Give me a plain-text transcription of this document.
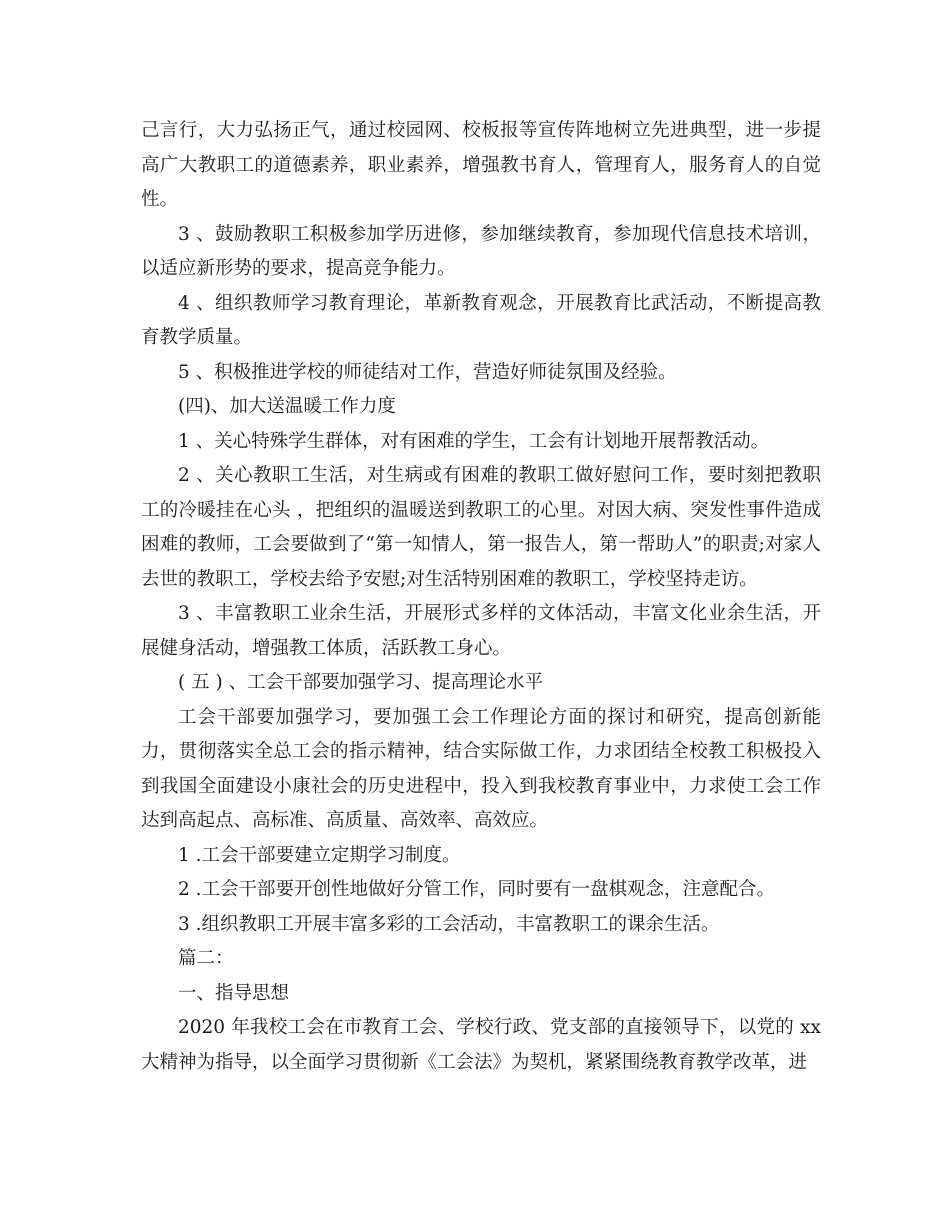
己言行，大力弘扬正气，通过校园网、校板报等宣传阵地树立先进典型，进一步提高广大教职工的道德素养，职业素养，增强教书育人，管理育人，服务育人的自觉性。

3 、鼓励教职工积极参加学历进修，参加继续教育，参加现代信息技术培训，以适应新形势的要求，提高竞争能力。

4 、组织教师学习教育理论，革新教育观念，开展教育比武活动，不断提高教育教学质量。

5 、积极推进学校的师徒结对工作，营造好师徒氛围及经验。

(四)、加大送温暖工作力度

1 、关心特殊学生群体，对有困难的学生，工会有计划地开展帮教活动。

2 、关心教职工生活，对生病或有困难的教职工做好慰问工作，要时刻把教职工的冷暖挂在心头 ，把组织的温暖送到教职工的心里。对因大病、突发性事件造成困难的教师，工会要做到了“第一知情人，第一报告人，第一帮助人”的职责;对家人去世的教职工，学校去给予安慰;对生活特别困难的教职工，学校坚持走访。

3 、丰富教职工业余生活，开展形式多样的文体活动，丰富文化业余生活，开展健身活动，增强教工体质，活跃教工身心。

( 五 ) 、工会干部要加强学习、提高理论水平

工会干部要加强学习，要加强工会工作理论方面的探讨和研究，提高创新能力，贯彻落实全总工会的指示精神，结合实际做工作，力求团结全校教工积极投入到我国全面建设小康社会的历史进程中，投入到我校教育事业中，力求使工会工作达到高起点、高标准、高质量、高效率、高效应。

1 .工会干部要建立定期学习制度。

2 .工会干部要开创性地做好分管工作，同时要有一盘棋观念，注意配合。

3 .组织教职工开展丰富多彩的工会活动，丰富教职工的课余生活。

篇二：

一、指导思想

2020 年我校工会在市教育工会、学校行政、党支部的直接领导下，以党的 xx 大精神为指导，以全面学习贯彻新《工会法》为契机，紧紧围绕教育教学改革，进
